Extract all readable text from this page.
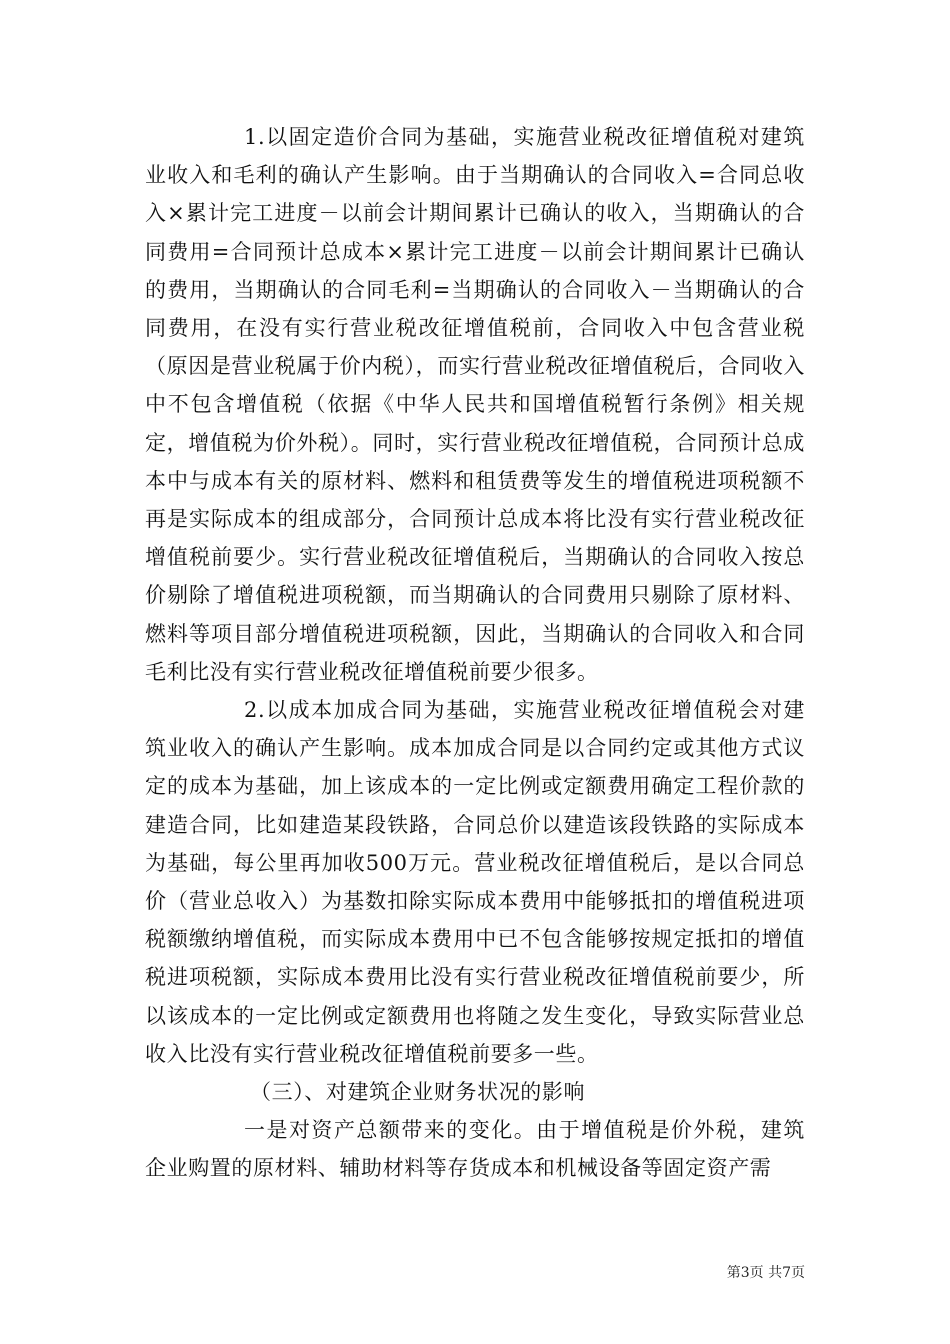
1.以固定造价合同为基础，实施营业税改征增值税对建筑业收入和毛利的确认产生影响。由于当期确认的合同收入=合同总收入×累计完工进度－以前会计期间累计已确认的收入，当期确认的合同费用=合同预计总成本×累计完工进度－以前会计期间累计已确认的费用，当期确认的合同毛利=当期确认的合同收入－当期确认的合同费用，在没有实行营业税改征增值税前，合同收入中包含营业税（原因是营业税属于价内税），而实行营业税改征增值税后，合同收入中不包含增值税（依据《中华人民共和国增值税暂行条例》相关规定，增值税为价外税）。同时，实行营业税改征增值税，合同预计总成本中与成本有关的原材料、燃料和租赁费等发生的增值税进项税额不再是实际成本的组成部分，合同预计总成本将比没有实行营业税改征增值税前要少。实行营业税改征增值税后，当期确认的合同收入按总价剔除了增值税进项税额，而当期确认的合同费用只剔除了原材料、燃料等项目部分增值税进项税额，因此，当期确认的合同收入和合同毛利比没有实行营业税改征增值税前要少很多。

2.以成本加成合同为基础，实施营业税改征增值税会对建筑业收入的确认产生影响。成本加成合同是以合同约定或其他方式议定的成本为基础，加上该成本的一定比例或定额费用确定工程价款的建造合同，比如建造某段铁路，合同总价以建造该段铁路的实际成本为基础，每公里再加收500万元。营业税改征增值税后，是以合同总价（营业总收入）为基数扣除实际成本费用中能够抵扣的增值税进项税额缴纳增值税，而实际成本费用中已不包含能够按规定抵扣的增值税进项税额，实际成本费用比没有实行营业税改征增值税前要少，所以该成本的一定比例或定额费用也将随之发生变化，导致实际营业总收入比没有实行营业税改征增值税前要多一些。

（三）、对建筑企业财务状况的影响

一是对资产总额带来的变化。由于增值税是价外税，建筑企业购置的原材料、辅助材料等存货成本和机械设备等固定资产需

第3页 共7页
